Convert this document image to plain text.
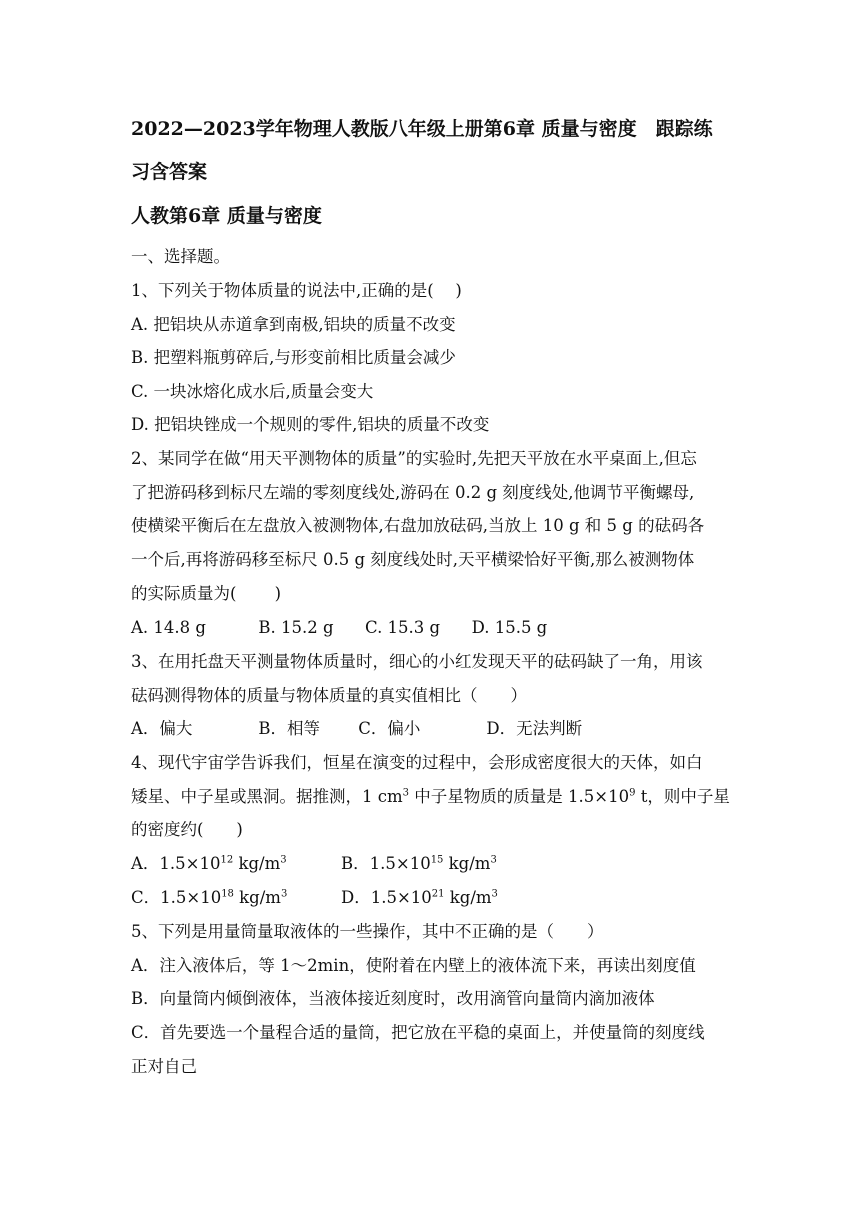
2022—2023学年物理人教版八年级上册第6章 质量与密度　跟踪练
习含答案
人教第6章 质量与密度
一、选择题。
1、下列关于物体质量的说法中,正确的是(　 )
A. 把铝块从赤道拿到南极,铝块的质量不改变
B. 把塑料瓶剪碎后,与形变前相比质量会减少
C. 一块冰熔化成水后,质量会变大
D. 把铝块锉成一个规则的零件,铝块的质量不改变
2、某同学在做“用天平测物体的质量”的实验时,先把天平放在水平桌面上,但忘
了把游码移到标尺左端的零刻度线处,游码在 0.2 g 刻度线处,他调节平衡螺母,
使横梁平衡后在左盘放入被测物体,右盘加放砝码,当放上 10 g 和 5 g 的砝码各
一个后,再将游码移至标尺 0.5 g 刻度线处时,天平横梁恰好平衡,那么被测物体
的实际质量为(　　 )
A. 14.8 g          B. 15.2 g      C. 15.3 g      D. 15.5 g
3、在用托盘天平测量物体质量时，细心的小红发现天平的砝码缺了一角，用该
砝码测得物体的质量与物体质量的真实值相比（　　）
A．偏大　　　　B．相等　　 C．偏小　　　　D．无法判断
4、现代宇宙学告诉我们，恒星在演变的过程中，会形成密度很大的天体，如白
矮星、中子星或黑洞。据推测，1 $cm^3$ 中子星物质的质量是 $1.5\times 10^9$ t，则中子星
的密度约(　　)
A．$1.5\times 10^{12}$ $kg/m^3$	B．$1.5\times 10^{15}$ $kg/m^3$
C．$1.5\times 10^{18}$ $kg/m^3$	D．$1.5\times 10^{21}$ $kg/m^3$
5、下列是用量筒量取液体的一些操作，其中不正确的是（　　）
A．注入液体后，等 1～2min，使附着在内壁上的液体流下来，再读出刻度值
B．向量筒内倾倒液体，当液体接近刻度时，改用滴管向量筒内滴加液体
C．首先要选一个量程合适的量筒，把它放在平稳的桌面上，并使量筒的刻度线
正对自己
